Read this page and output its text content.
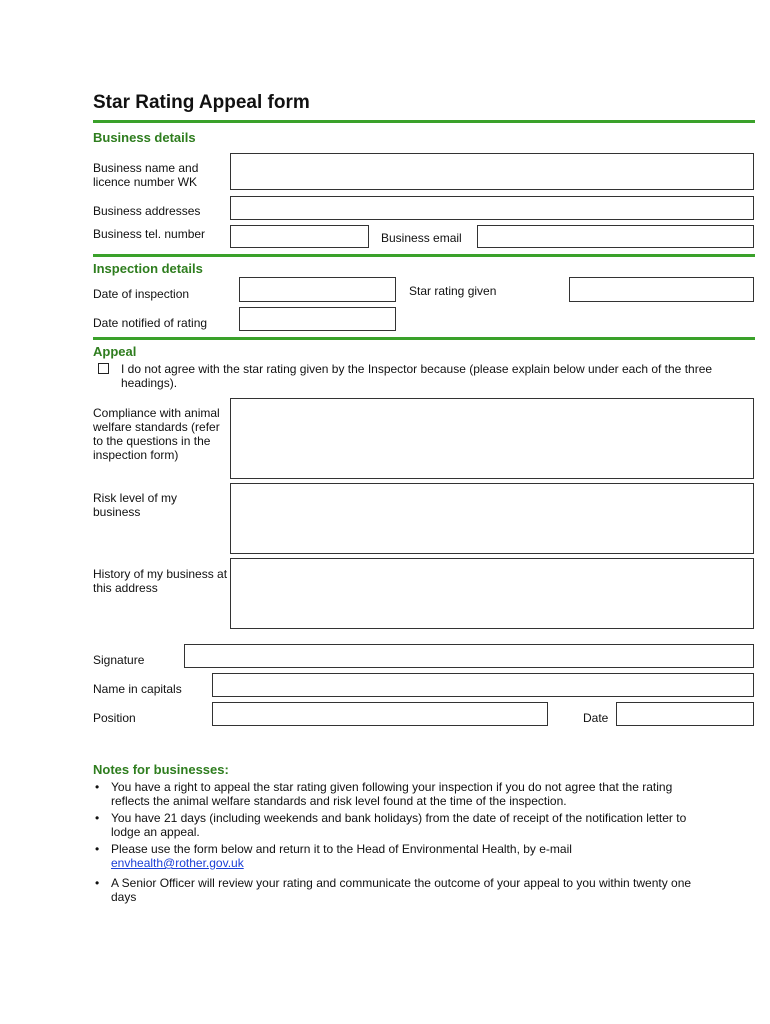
Star Rating Appeal form
Business details
Business name and licence number WK
Business addresses
Business tel. number	Business email
Inspection details
Date of inspection	Star rating given
Date notified of rating
Appeal
I do not agree with the star rating given by the Inspector because (please explain below under each of the three headings).
Compliance with animal welfare standards (refer to the questions in the inspection form)
Risk level of my business
History of my business at this address
Signature
Name in capitals
Position	Date
Notes for businesses:
• You have a right to appeal the star rating given following your inspection if you do not agree that the rating reflects the animal welfare standards and risk level found at the time of the inspection.
• You have 21 days (including weekends and bank holidays) from the date of receipt of the notification letter to lodge an appeal.
• Please use the form below and return it to the Head of Environmental Health, by e-mail
envhealth@rother.gov.uk
• A Senior Officer will review your rating and communicate the outcome of your appeal to you within twenty one days
